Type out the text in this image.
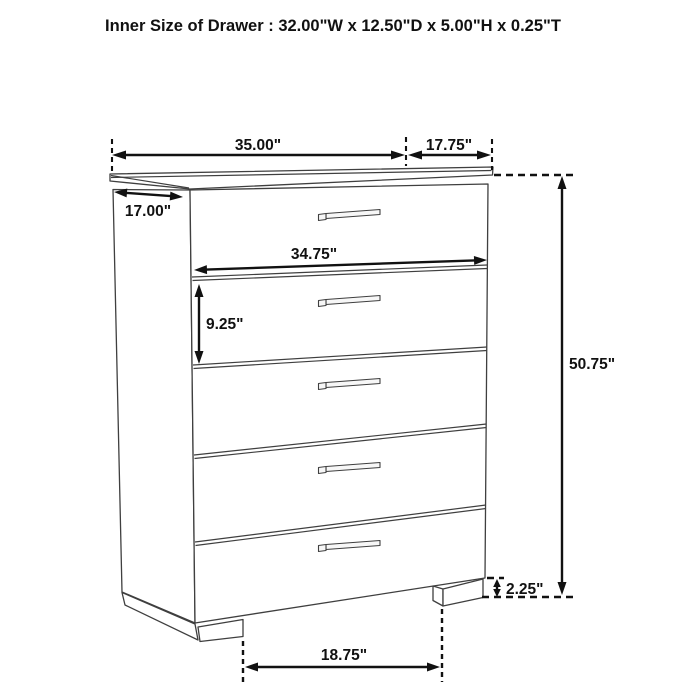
Inner Size of Drawer : 32.00"W x 12.50"D x 5.00"H x 0.25"T
35.00"	17.75"
17.00"
34.75"
9.25"
50.75"
2.25"
18.75"
